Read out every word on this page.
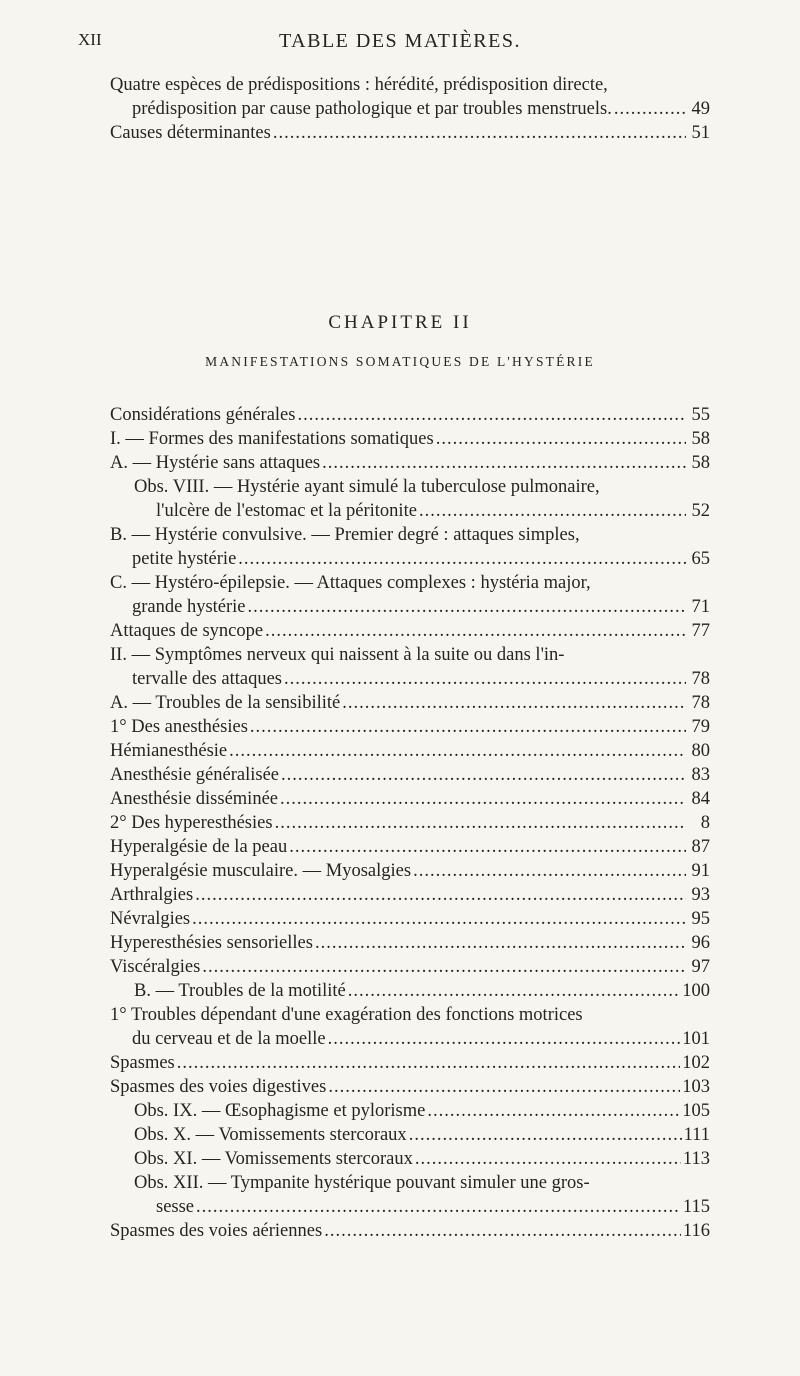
XII	TABLE DES MATIÈRES.
Quatre espèces de prédispositions : hérédité, prédisposition directe,
prédisposition par cause pathologique et par troubles menstruels. .....	49
Causes déterminantes .....	51
CHAPITRE II
MANIFESTATIONS SOMATIQUES DE L'HYSTÉRIE
Considérations générales .....	55
I. — Formes des manifestations somatiques .....	58
A. — Hystérie sans attaques .....	58
Obs. VIII. — Hystérie ayant simulé la tuberculose pulmonaire,
l'ulcère de l'estomac et la péritonite .....	52
B. — Hystérie convulsive. — Premier degré : attaques simples,
petite hystérie .....	65
C. — Hystéro-épilepsie. — Attaques complexes : hystéria major,
grande hystérie .....	71
Attaques de syncope .....	77
II. — Symptômes nerveux qui naissent à la suite ou dans l'in-
tervalle des attaques .....	78
A. — Troubles de la sensibilité .....	78
1° Des anesthésies .....	79
Hémianesthésie .....	80
Anesthésie généralisée .....	83
Anesthésie disséminée .....	84
2° Des hyperesthésies .....	8
Hyperalgésie de la peau .....	87
Hyperalgésie musculaire. — Myosalgies .....	91
Arthralgies .....	93
Névralgies .....	95
Hyperesthésies sensorielles .....	96
Viscéralgies .....	97
B. — Troubles de la motilité .....	100
1° Troubles dépendant d'une exagération des fonctions motrices
du cerveau et de la moelle .....	101
Spasmes .....	102
Spasmes des voies digestives .....	103
Obs. IX. — Œsophagisme et pylorisme .....	105
Obs. X. — Vomissements stercoraux .....	111
Obs. XI. — Vomissements stercoraux .....	113
Obs. XII. — Tympanite hystérique pouvant simuler une gros-
sesse .....	115
Spasmes des voies aériennes .....	116
